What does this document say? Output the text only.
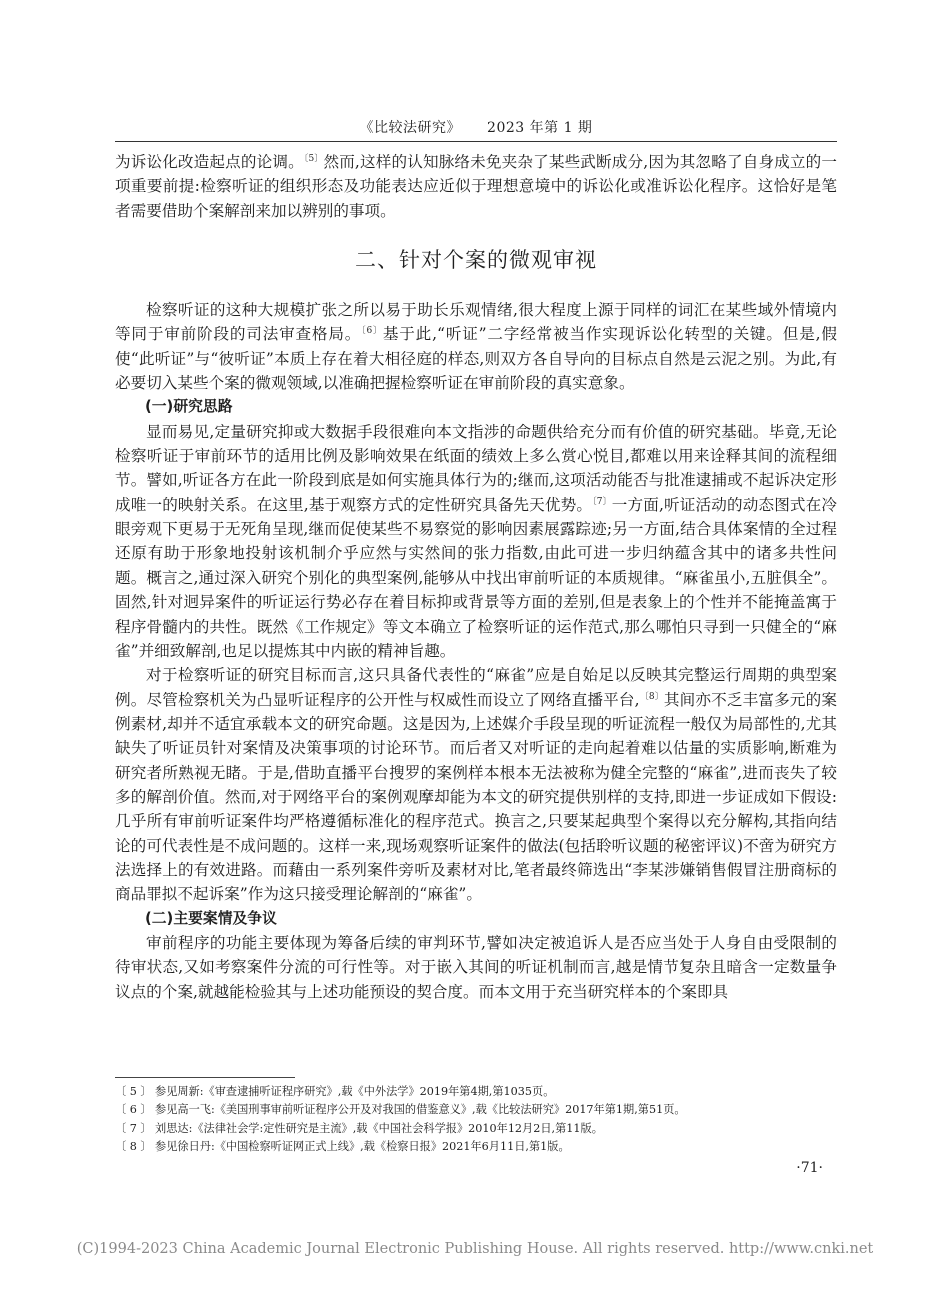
《比较法研究》 2023 年第 1 期

为诉讼化改造起点的论调。$^{〔5〕}$然而,这样的认知脉络未免夹杂了某些武断成分,因为其忽略了自身成立的一项重要前提:检察听证的组织形态及功能表达应近似于理想意境中的诉讼化或准诉讼化程序。这恰好是笔者需要借助个案解剖来加以辨别的事项。

二、针对个案的微观审视

检察听证的这种大规模扩张之所以易于助长乐观情绪,很大程度上源于同样的词汇在某些域外情境内等同于审前阶段的司法审查格局。$^{〔6〕}$基于此,“听证”二字经常被当作实现诉讼化转型的关键。但是,假使“此听证”与“彼听证”本质上存在着大相径庭的样态,则双方各自导向的目标点自然是云泥之别。为此,有必要切入某些个案的微观领域,以准确把握检察听证在审前阶段的真实意象。

(一)研究思路

显而易见,定量研究抑或大数据手段很难向本文指涉的命题供给充分而有价值的研究基础。毕竟,无论检察听证于审前环节的适用比例及影响效果在纸面的绩效上多么赏心悦目,都难以用来诠释其间的流程细节。譬如,听证各方在此一阶段到底是如何实施具体行为的;继而,这项活动能否与批准逮捕或不起诉决定形成唯一的映射关系。在这里,基于观察方式的定性研究具备先天优势。$^{〔7〕}$一方面,听证活动的动态图式在冷眼旁观下更易于无死角呈现,继而促使某些不易察觉的影响因素展露踪迹;另一方面,结合具体案情的全过程还原有助于形象地投射该机制介乎应然与实然间的张力指数,由此可进一步归纳蕴含其中的诸多共性问题。概言之,通过深入研究个别化的典型案例,能够从中找出审前听证的本质规律。“麻雀虽小,五脏俱全”。固然,针对迥异案件的听证运行势必存在着目标抑或背景等方面的差别,但是表象上的个性并不能掩盖寓于程序骨髓内的共性。既然《工作规定》等文本确立了检察听证的运作范式,那么哪怕只寻到一只健全的“麻雀”并细致解剖,也足以提炼其中内嵌的精神旨趣。

对于检察听证的研究目标而言,这只具备代表性的“麻雀”应是自始足以反映其完整运行周期的典型案例。尽管检察机关为凸显听证程序的公开性与权威性而设立了网络直播平台,$^{〔8〕}$其间亦不乏丰富多元的案例素材,却并不适宜承载本文的研究命题。这是因为,上述媒介手段呈现的听证流程一般仅为局部性的,尤其缺失了听证员针对案情及决策事项的讨论环节。而后者又对听证的走向起着难以估量的实质影响,断难为研究者所熟视无睹。于是,借助直播平台搜罗的案例样本根本无法被称为健全完整的“麻雀”,进而丧失了较多的解剖价值。然而,对于网络平台的案例观摩却能为本文的研究提供别样的支持,即进一步证成如下假设:几乎所有审前听证案件均严格遵循标准化的程序范式。换言之,只要某起典型个案得以充分解构,其指向结论的可代表性是不成问题的。这样一来,现场观察听证案件的做法(包括聆听议题的秘密评议)不啻为研究方法选择上的有效进路。而藉由一系列案件旁听及素材对比,笔者最终筛选出“李某涉嫌销售假冒注册商标的商品罪拟不起诉案”作为这只接受理论解剖的“麻雀”。

(二)主要案情及争议

审前程序的功能主要体现为筹备后续的审判环节,譬如决定被追诉人是否应当处于人身自由受限制的待审状态,又如考察案件分流的可行性等。对于嵌入其间的听证机制而言,越是情节复杂且暗含一定数量争议点的个案,就越能检验其与上述功能预设的契合度。而本文用于充当研究样本的个案即具

〔 5 〕 参见周新:《审查逮捕听证程序研究》,载《中外法学》2019年第4期,第1035页。
〔 6 〕 参见高一飞:《美国刑事审前听证程序公开及对我国的借鉴意义》,载《比较法研究》2017年第1期,第51页。
〔 7 〕 刘思达:《法律社会学:定性研究是主流》,载《中国社会科学报》2010年12月2日,第11版。
〔 8 〕 参见徐日丹:《中国检察听证网正式上线》,载《检察日报》2021年6月11日,第1版。
·71·
(C)1994-2023 China Academic Journal Electronic Publishing House. All rights reserved. http://www.cnki.net
